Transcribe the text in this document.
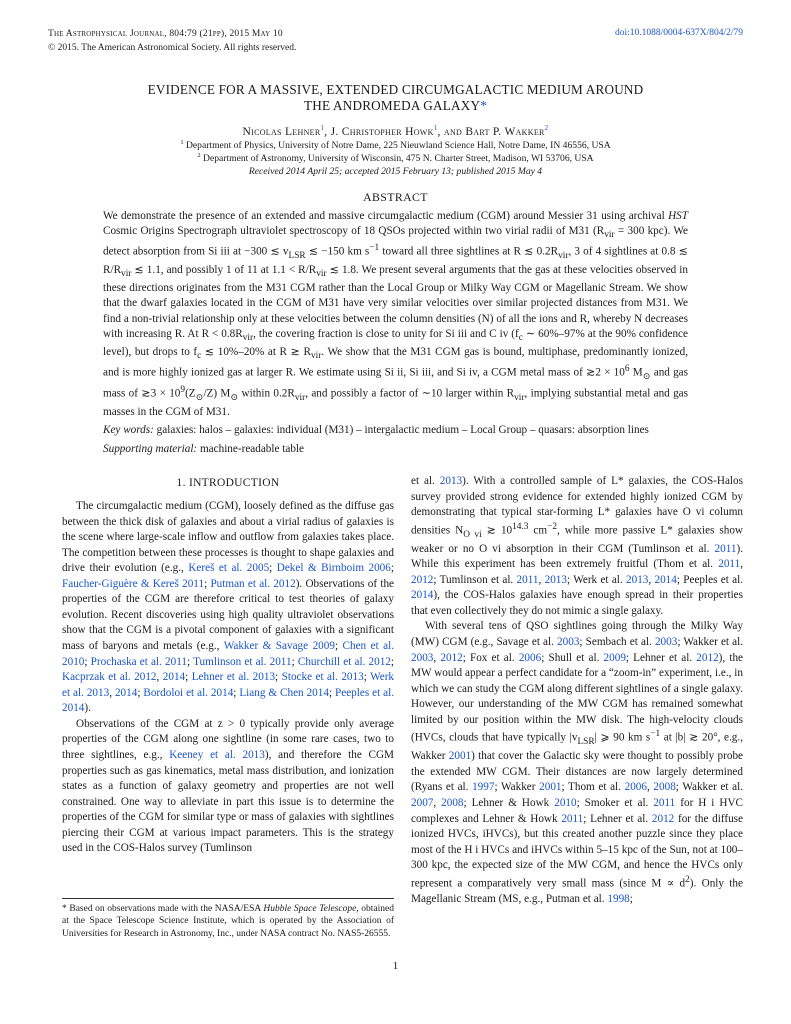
The Astrophysical Journal, 804:79 (21pp), 2015 May 10
© 2015. The American Astronomical Society. All rights reserved.
doi:10.1088/0004-637X/804/2/79
EVIDENCE FOR A MASSIVE, EXTENDED CIRCUMGALACTIC MEDIUM AROUND
THE ANDROMEDA GALAXY*
Nicolas Lehner$^1$, J. Christopher Howk$^1$, and Bart P. Wakker$^2$
$^1$ Department of Physics, University of Notre Dame, 225 Nieuwland Science Hall, Notre Dame, IN 46556, USA
$^2$ Department of Astronomy, University of Wisconsin, 475 N. Charter Street, Madison, WI 53706, USA
Received 2014 April 25; accepted 2015 February 13; published 2015 May 4
ABSTRACT

We demonstrate the presence of an extended and massive circumgalactic medium (CGM) around Messier 31 using archival HST Cosmic Origins Spectrograph ultraviolet spectroscopy of 18 QSOs projected within two virial radii of M31 ($R_{vir} = 300$ kpc). We detect absorption from Si iii at −300 ≲ $v_{LSR}$ ≲ −150 km $s^{-1}$ toward all three sightlines at R ≲ $0.2R_{vir}$, 3 of 4 sightlines at 0.8 ≲ $R/R_{vir}$ ≲ 1.1, and possibly 1 of 11 at $1.1 < R/R_{vir}$ ≲ 1.8. We present several arguments that the gas at these velocities observed in these directions originates from the M31 CGM rather than the Local Group or Milky Way CGM or Magellanic Stream. We show that the dwarf galaxies located in the CGM of M31 have very similar velocities over similar projected distances from M31. We find a non-trivial relationship only at these velocities between the column densities (N) of all the ions and R, whereby N decreases with increasing R. At $R < 0.8R_{vir}$, the covering fraction is close to unity for Si iii and C iv ($f_c$ ∼ 60%–97% at the 90% confidence level), but drops to $f_c$ ≲ 10%–20% at R ≳ $R_{vir}$. We show that the M31 CGM gas is bound, multiphase, predominantly ionized, and is more highly ionized gas at larger R. We estimate using Si ii, Si iii, and Si iv, a CGM metal mass of ≳2 × $10^6$ $M_⊙$ and gas mass of ≳3 × $10^9(Z_⊙/Z)$ $M_⊙$ within $0.2R_{vir}$, and possibly a factor of ∼10 larger within $R_{vir}$, implying substantial metal and gas masses in the CGM of M31.

Key words: galaxies: halos – galaxies: individual (M31) – intergalactic medium – Local Group – quasars: absorption lines

Supporting material: machine-readable table

1. INTRODUCTION

The circumgalactic medium (CGM), loosely defined as the diffuse gas between the thick disk of galaxies and about a virial radius of galaxies is the scene where large-scale inflow and outflow from galaxies takes place. The competition between these processes is thought to shape galaxies and drive their evolution (e.g., Kereš et al. 2005; Dekel & Birnboim 2006; Faucher-Giguère & Kereš 2011; Putman et al. 2012). Observations of the properties of the CGM are therefore critical to test theories of galaxy evolution. Recent discoveries using high quality ultraviolet observations show that the CGM is a pivotal component of galaxies with a significant mass of baryons and metals (e.g., Wakker & Savage 2009; Chen et al. 2010; Prochaska et al. 2011; Tumlinson et al. 2011; Churchill et al. 2012; Kacprzak et al. 2012, 2014; Lehner et al. 2013; Stocke et al. 2013; Werk et al. 2013, 2014; Bordoloi et al. 2014; Liang & Chen 2014; Peeples et al. 2014).

Observations of the CGM at z > 0 typically provide only average properties of the CGM along one sightline (in some rare cases, two to three sightlines, e.g., Keeney et al. 2013), and therefore the CGM properties such as gas kinematics, metal mass distribution, and ionization states as a function of galaxy geometry and properties are not well constrained. One way to alleviate in part this issue is to determine the properties of the CGM for similar type or mass of galaxies with sightlines piercing their CGM at various impact parameters. This is the strategy used in the COS-Halos survey (Tumlinson

et al. 2013). With a controlled sample of L* galaxies, the COS-Halos survey provided strong evidence for extended highly ionized CGM by demonstrating that typical star-forming L* galaxies have O vi column densities $N_{O vi}$ ≳ $10^{14.3}$ $cm^{-2}$, while more passive L* galaxies show weaker or no O vi absorption in their CGM (Tumlinson et al. 2011). While this experiment has been extremely fruitful (Thom et al. 2011, 2012; Tumlinson et al. 2011, 2013; Werk et al. 2013, 2014; Peeples et al. 2014), the COS-Halos galaxies have enough spread in their properties that even collectively they do not mimic a single galaxy.

With several tens of QSO sightlines going through the Milky Way (MW) CGM (e.g., Savage et al. 2003; Sembach et al. 2003; Wakker et al. 2003, 2012; Fox et al. 2006; Shull et al. 2009; Lehner et al. 2012), the MW would appear a perfect candidate for a “zoom-in” experiment, i.e., in which we can study the CGM along different sightlines of a single galaxy. However, our understanding of the MW CGM has remained somewhat limited by our position within the MW disk. The high-velocity clouds (HVCs, clouds that have typically $|v_{LSR}|$ ⩾ 90 km $s^{-1}$ at |b| ≳ 20°, e.g., Wakker 2001) that cover the Galactic sky were thought to possibly probe the extended MW CGM. Their distances are now largely determined (Ryans et al. 1997; Wakker 2001; Thom et al. 2006, 2008; Wakker et al. 2007, 2008; Lehner & Howk 2010; Smoker et al. 2011 for H i HVC complexes and Lehner & Howk 2011; Lehner et al. 2012 for the diffuse ionized HVCs, iHVCs), but this created another puzzle since they place most of the H i HVCs and iHVCs within 5–15 kpc of the Sun, not at 100–300 kpc, the expected size of the MW CGM, and hence the HVCs only represent a comparatively very small mass (since $M \propto d^2$). Only the Magellanic Stream (MS, e.g., Putman et al. 1998;

* Based on observations made with the NASA/ESA Hubble Space Telescope, obtained at the Space Telescope Science Institute, which is operated by the Association of Universities for Research in Astronomy, Inc., under NASA contract No. NAS5-26555.

1
